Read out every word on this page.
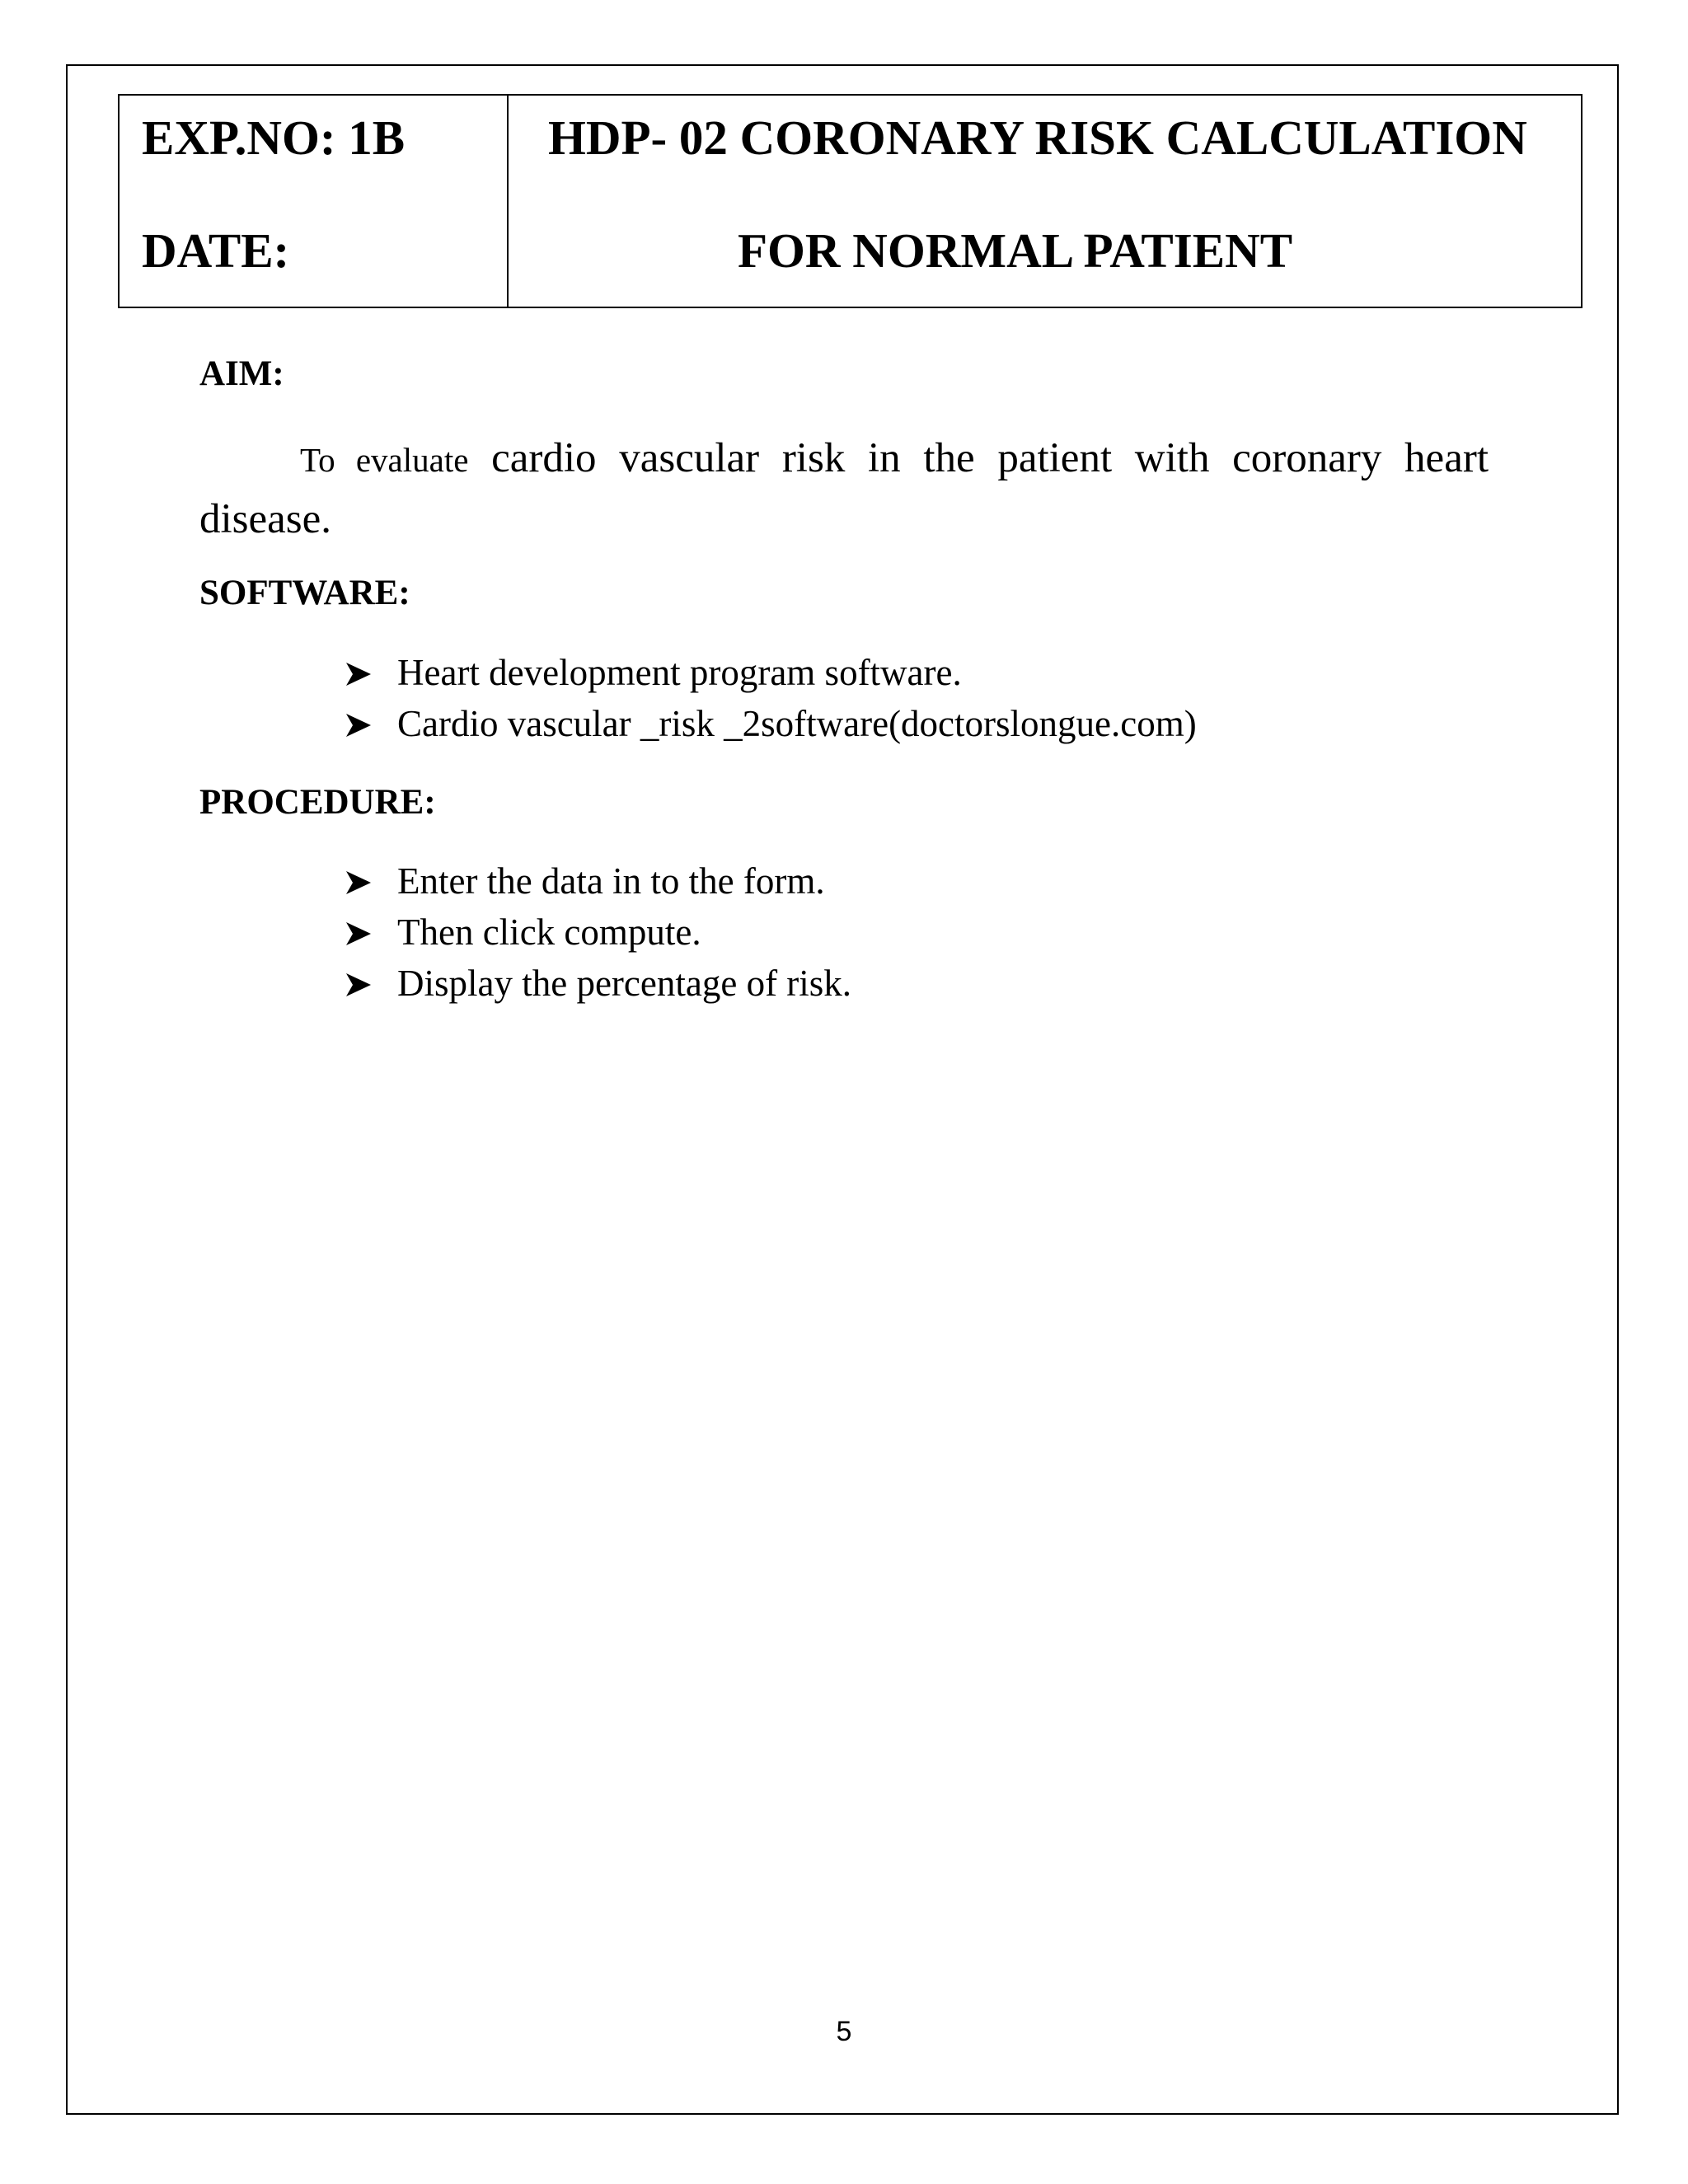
EXP.NO: 1B
DATE:
HDP- 02 CORONARY RISK CALCULATION
FOR NORMAL PATIENT
AIM:

To evaluate cardio vascular risk in the patient with coronary heart

disease.

SOFTWARE:
Heart development program software.
Cardio vascular _risk _2software(doctorslongue.com)
PROCEDURE:
Enter the data in to the form.
Then click compute.
Display the percentage of risk.
5
